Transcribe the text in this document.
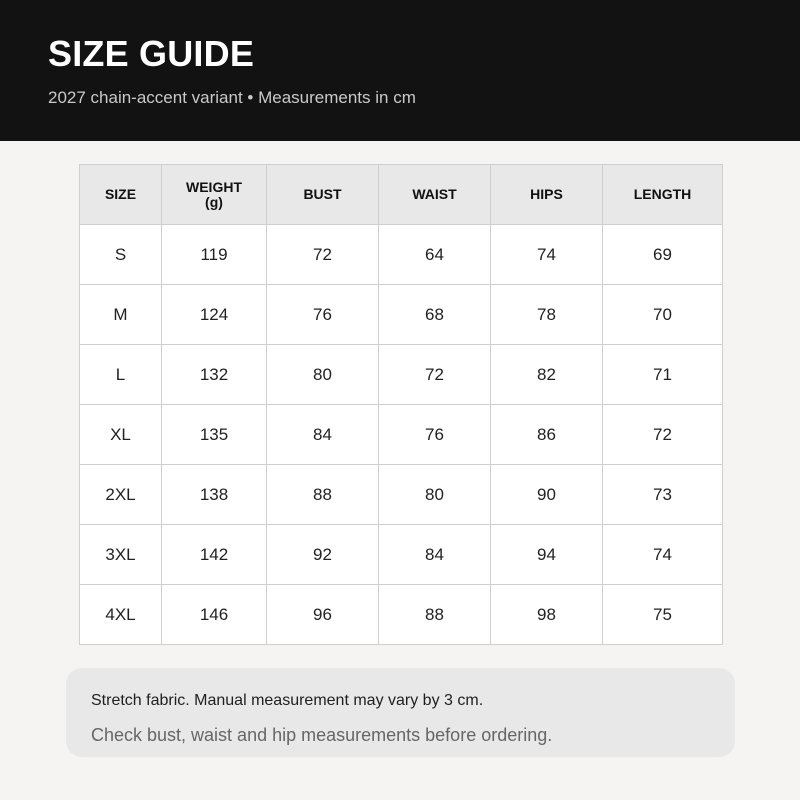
SIZE GUIDE
2027 chain-accent variant • Measurements in cm
SIZE	WEIGHT (g)	BUST	WAIST	HIPS	LENGTH
S	119	72	64	74	69
M	124	76	68	78	70
L	132	80	72	82	71
XL	135	84	76	86	72
2XL	138	88	80	90	73
3XL	142	92	84	94	74
4XL	146	96	88	98	75
Stretch fabric. Manual measurement may vary by 3 cm.
Check bust, waist and hip measurements before ordering.
